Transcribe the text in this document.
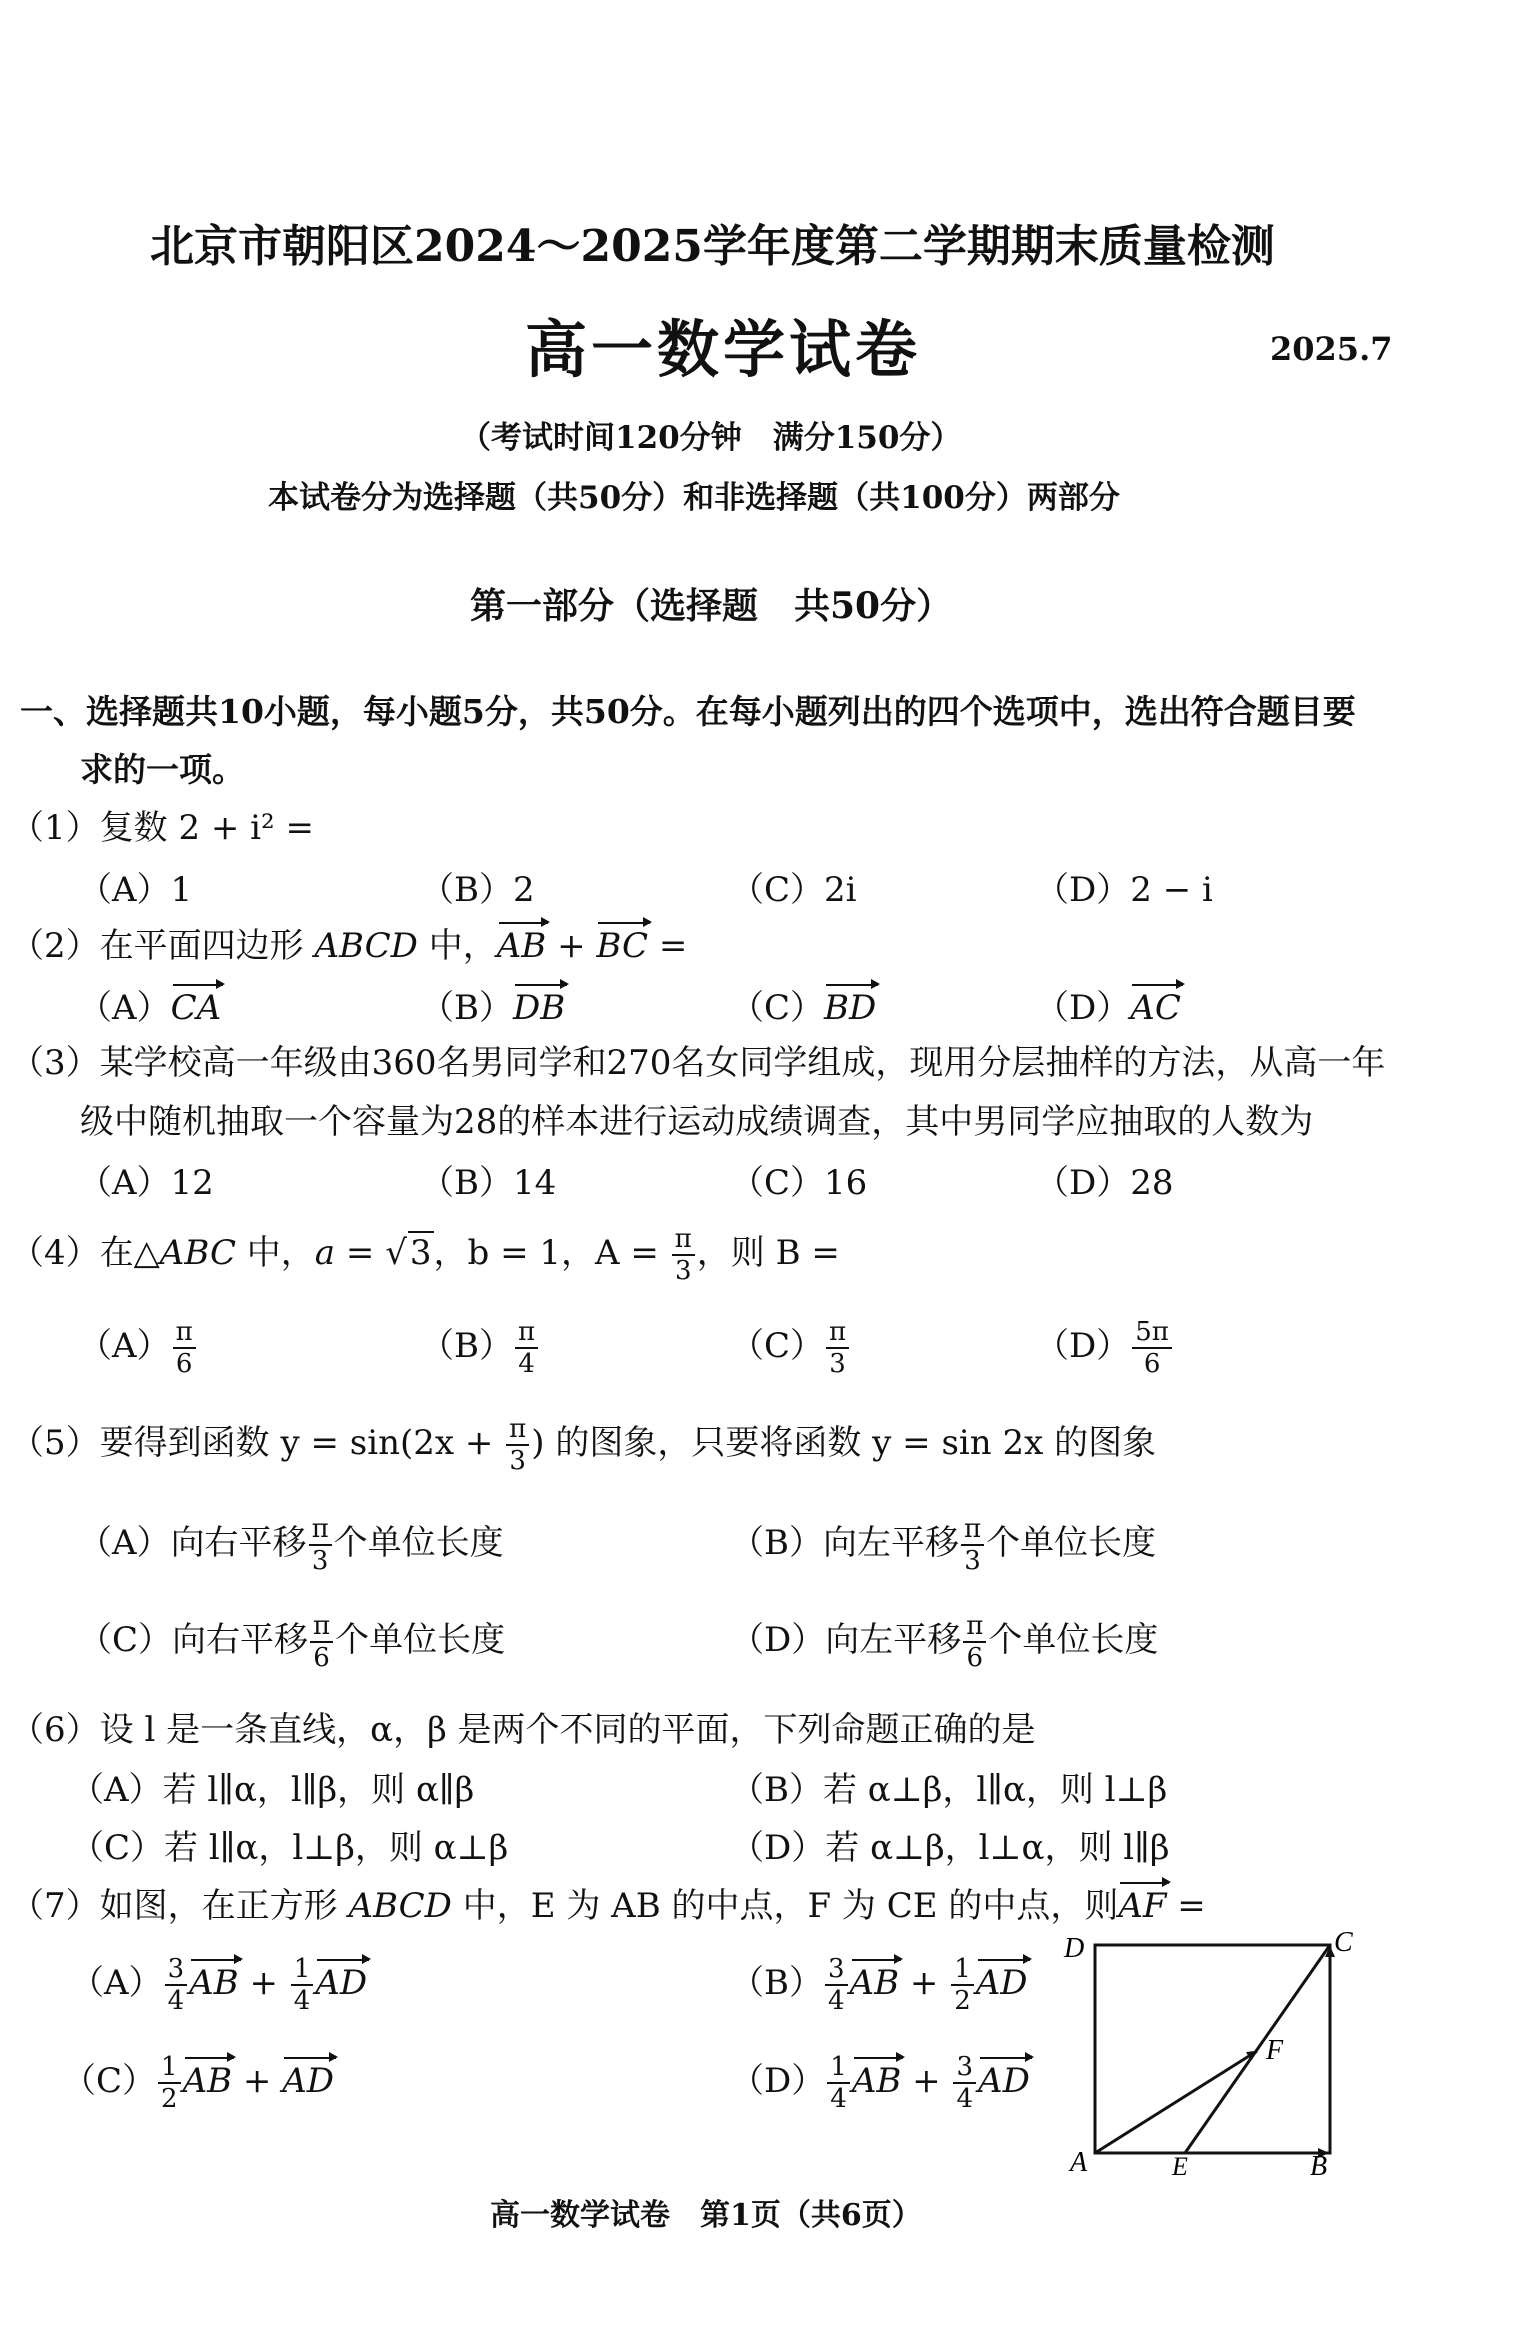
北京市朝阳区2024～2025学年度第二学期期末质量检测
高一数学试卷	2025.7
（考试时间120分钟　满分150分）
本试卷分为选择题（共50分）和非选择题（共100分）两部分
第一部分（选择题　共50分）
一、选择题共10小题，每小题5分，共50分。在每小题列出的四个选项中，选出符合题目要
求的一项。
（1）复数 2 + i² =
（A）1	（B）2	（C）2i	（D）2 − i
（2）在平面四边形 ABCD 中，AB + BC =
（A）CA	（B）DB	（C）BD	（D）AC
（3）某学校高一年级由360名男同学和270名女同学组成，现用分层抽样的方法，从高一年
级中随机抽取一个容量为28的样本进行运动成绩调查，其中男同学应抽取的人数为
（A）12	（B）14	（C）16	（D）28
（4）在△ABC 中，a = √3，b = 1，$A = \frac{\pi}{3}$ ，则 B =
$(A) \frac{\pi}{6}$	$(B) \frac{\pi}{4}$	$(C) \frac{\pi}{3}$	$(D) \frac{5\pi}{6}$
（5）要得到函数 $y = \sin(2x + \frac{\pi}{3}$ ) 的图象，只要将函数 y = sin 2x 的图象
（A）向右平移 $\frac{\pi}{3}$ 个单位长度	（B）向左平移 $\frac{\pi}{3}$ 个单位长度
（C）向右平移 $\frac{\pi}{6}$ 个单位长度	（D）向左平移 $\frac{\pi}{6}$ 个单位长度
（6）设 l 是一条直线，α，β 是两个不同的平面，下列命题正确的是
（A）若 l∥α，l∥β，则 α∥β	（B）若 α⊥β，l∥α，则 l⊥β
（C）若 l∥α，l⊥β，则 α⊥β	（D）若 α⊥β，l⊥α，则 l∥β
（7）如图，在正方形 ABCD 中，E 为 AB 的中点，F 为 CE 的中点，则AF =
$(A) \frac{3}{4}$ AB + $\frac{1}{4}$ AD	$(B) \frac{3}{4}$ AB + $\frac{1}{2}$ AD
$(C) \frac{1}{2}$ AB + AD	$(D) \frac{1}{4}$ AB + $\frac{3}{4}$ AD
D	C
F
A	E	B
高一数学试卷　第1页（共6页）
